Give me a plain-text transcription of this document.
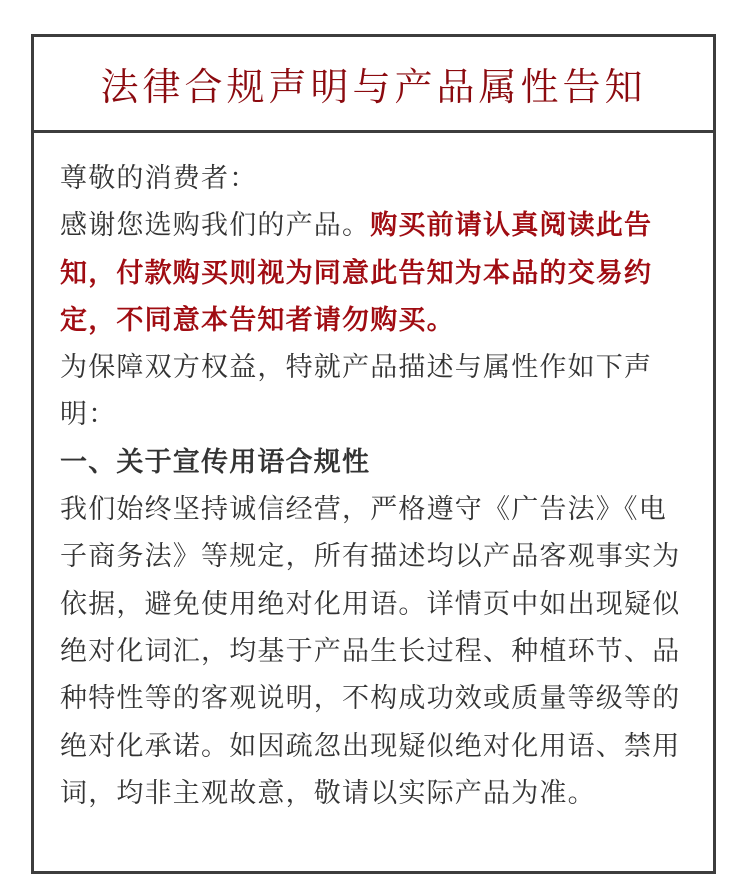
法律合规声明与产品属性告知

尊敬的消费者：

感谢您选购我们的产品。购买前请认真阅读此告知，付款购买则视为同意此告知为本品的交易约定，不同意本告知者请勿购买。

为保障双方权益，特就产品描述与属性作如下声明：

一、关于宣传用语合规性

我们始终坚持诚信经营，严格遵守《广告法》《电子商务法》等规定，所有描述均以产品客观事实为依据，避免使用绝对化用语。详情页中如出现疑似绝对化词汇，均基于产品生长过程、种植环节、品种特性等的客观说明，不构成功效或质量等级等的绝对化承诺。如因疏忽出现疑似绝对化用语、禁用词，均非主观故意，敬请以实际产品为准。
